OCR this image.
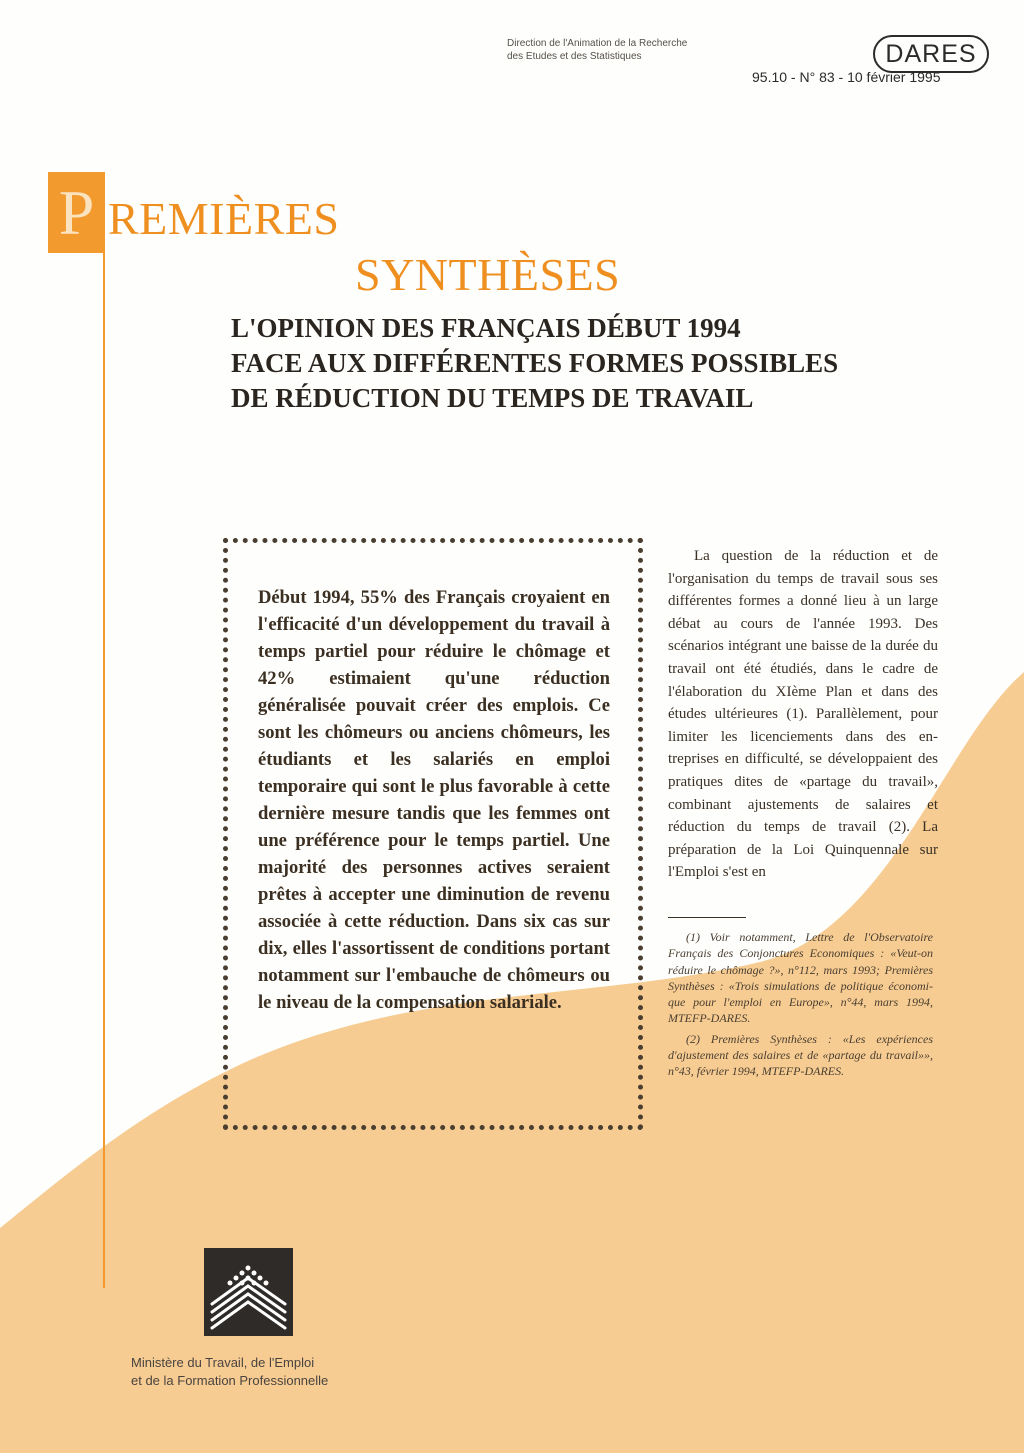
Direction de l'Animation de la Recherche
des Etudes et des Statistiques	DARES
95.10 - N° 83 - 10 février 1995
P REMIÈRES
SYNTHÈSES
L'OPINION DES FRANÇAIS DÉBUT 1994
FACE AUX DIFFÉRENTES FORMES POSSIBLES
DE RÉDUCTION DU TEMPS DE TRAVAIL
Début 1994, 55% des Français croyaient en l'efficacité d'un développement du travail à temps partiel pour réduire le chômage et 42% estimaient qu'une réduction généralisée pouvait créer des emplois. Ce sont les chômeurs ou anciens chômeurs, les étudiants et les salariés en emploi temporaire qui sont le plus favorable à cette dernière mesure tandis que les femmes ont une préférence pour le temps partiel. Une majorité des personnes actives seraient prêtes à accepter une diminution de revenu associée à cette réduction. Dans six cas sur dix, elles l'assortissent de conditions portant notamment sur l'embauche de chômeurs ou le niveau de la compensation salariale.
La question de la réduction et de l'organisation du temps de travail sous ses différentes formes a donné lieu à un large débat au cours de l'année 1993. Des scénarios intégrant une baisse de la durée du travail ont été étudiés, dans le cadre de l'élaboration du XIème Plan et dans des études ultérieures (1). Parallèlement, pour limiter les licenciements dans des entreprises en difficulté, se développaient des pratiques dites de «partage du travail», combinant ajustements de salaires et réduction du temps de travail (2). La préparation de la Loi Quinquennale sur l'Emploi s'est en

(1) Voir notamment, Lettre de l'Observatoire Français des Conjonctures Economiques : «Veut-on réduire le chômage ?», n°112, mars 1993; Premières Synthèses : «Trois simulations de politique économique pour l'emploi en Europe», n°44, mars 1994, MTEFP-DARES.

(2) Premières Synthèses : «Les expériences d'ajustement des salaires et de «partage du travail»», n°43, février 1994, MTEFP-DARES.

Ministère du Travail, de l'Emploi
et de la Formation Professionnelle
